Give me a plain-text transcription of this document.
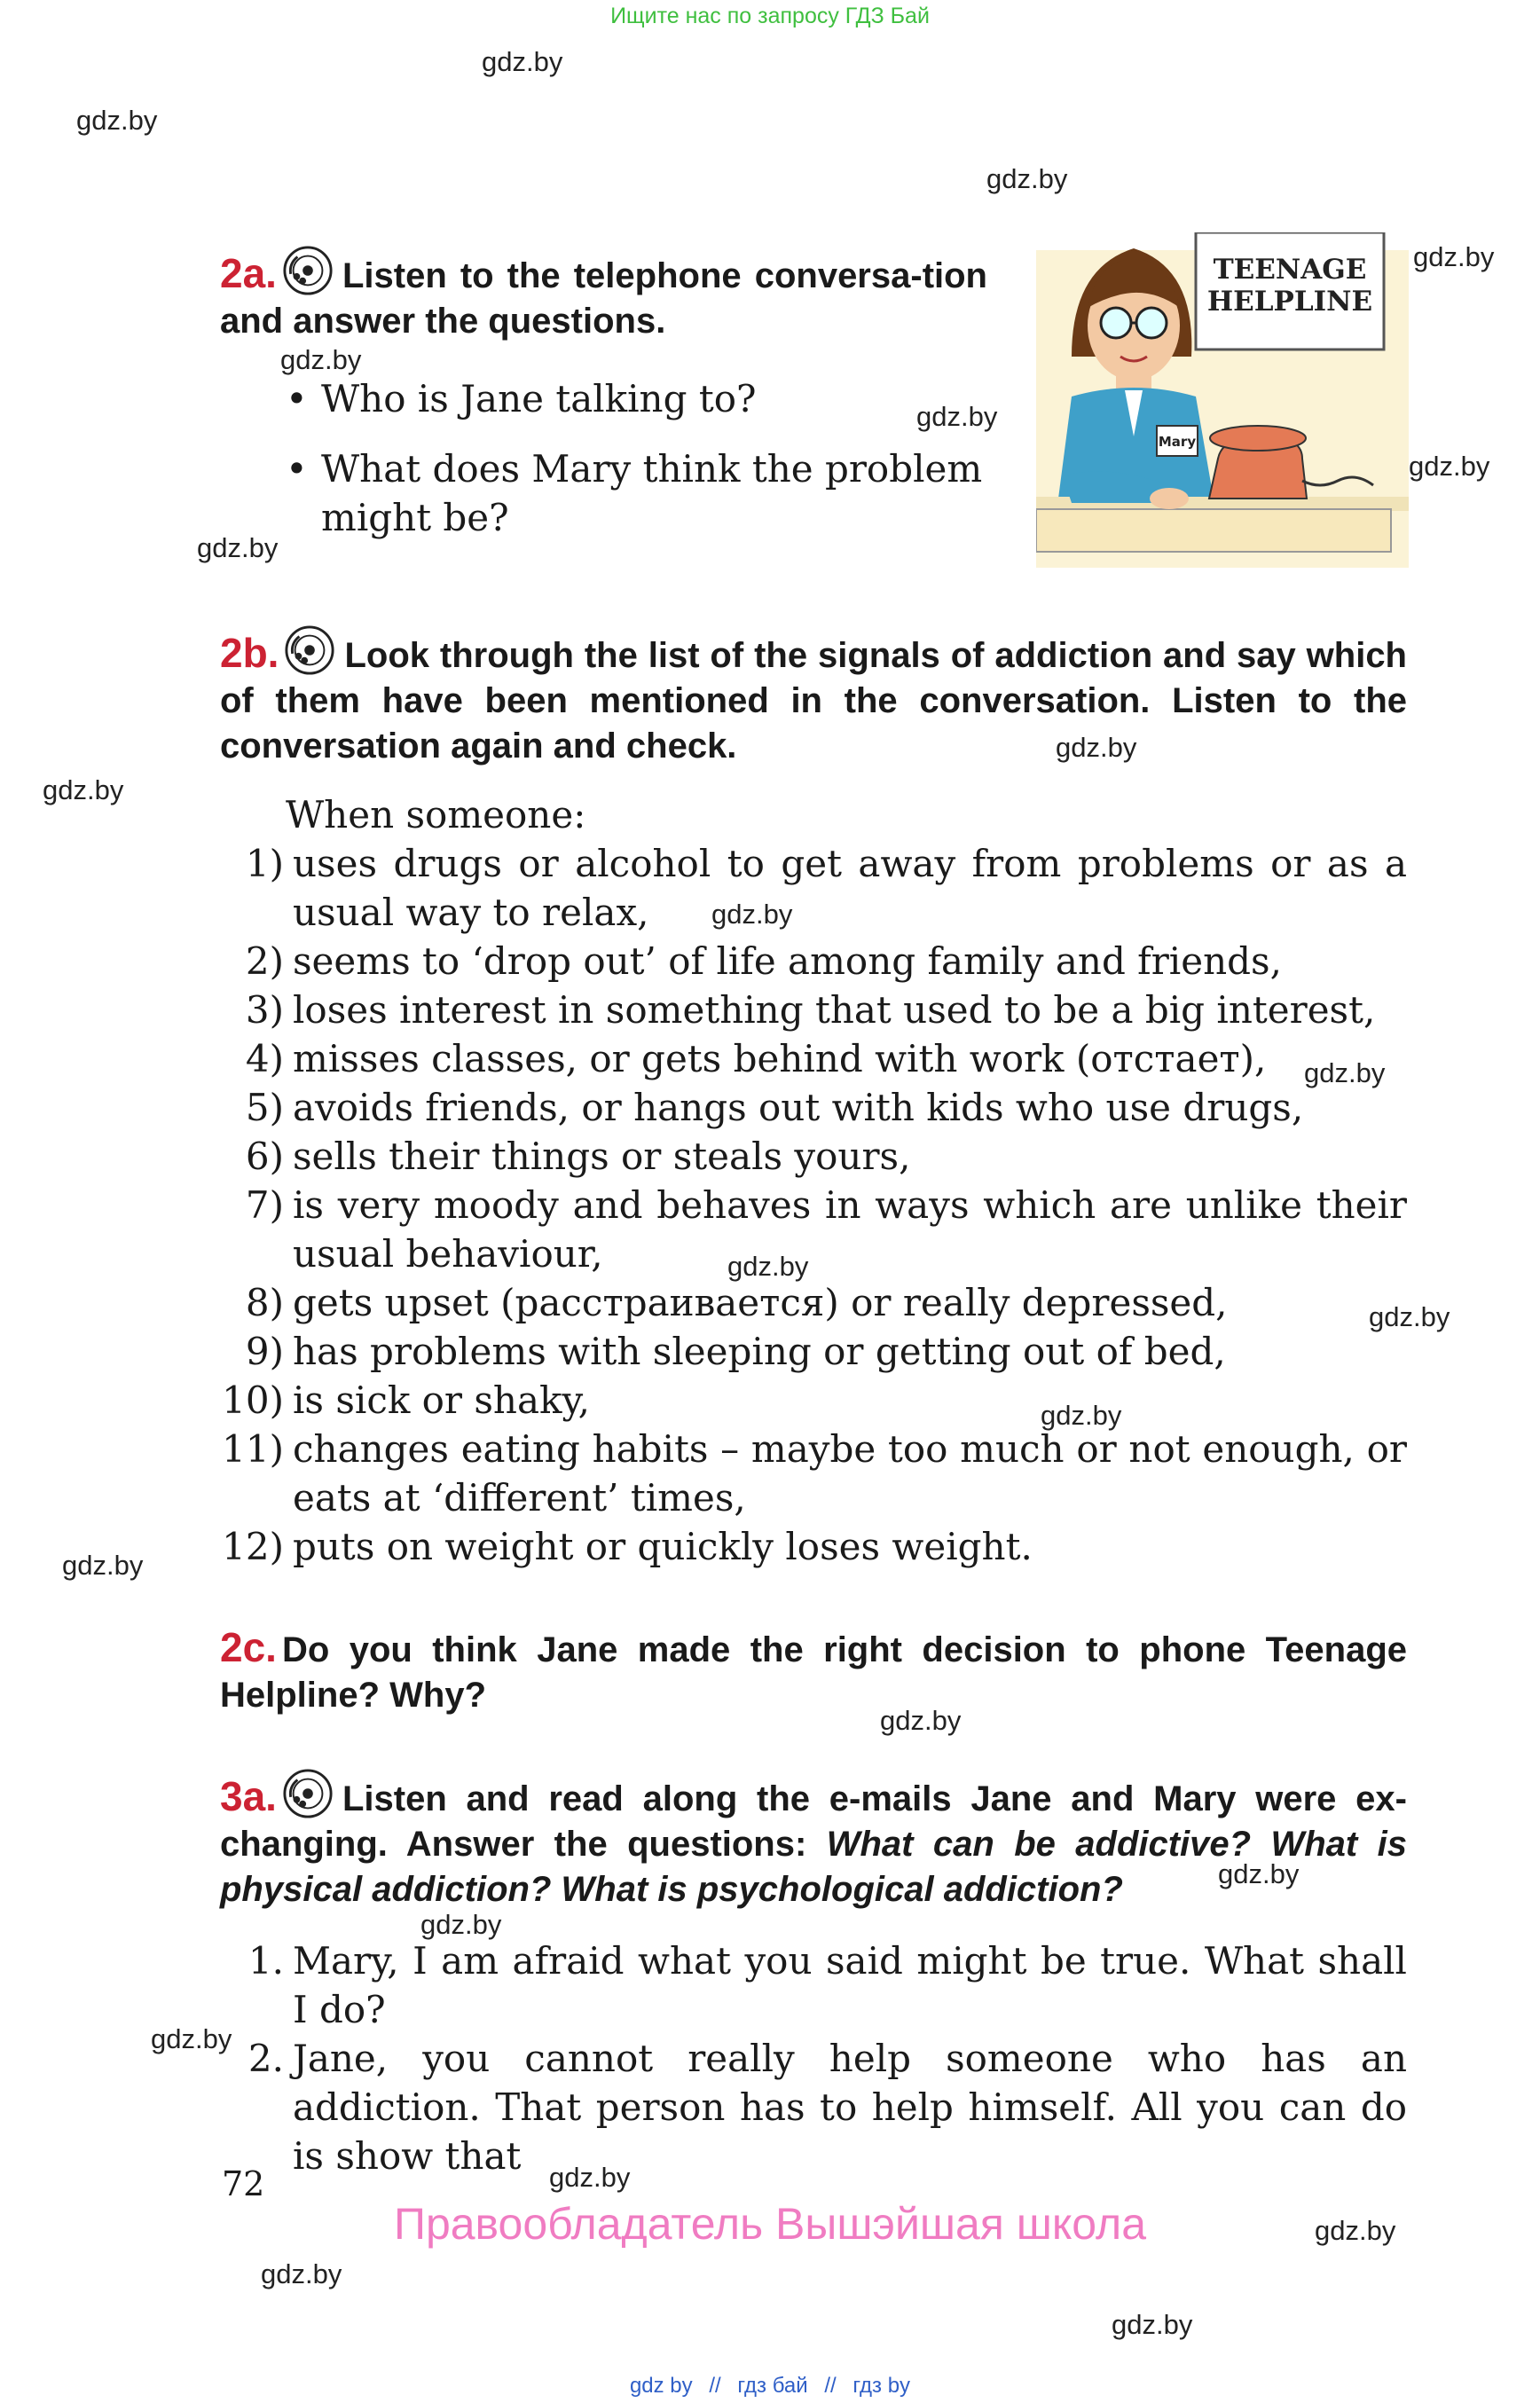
Ищите нас по запросу ГДЗ Бай
gdz.by
gdz.by
gdz.by
gdz.by
gdz.by
gdz.by
gdz.by
gdz.by
gdz.by
gdz.by
gdz.by
gdz.by
gdz.by
gdz.by
gdz.by
gdz.by
gdz.by
gdz.by
gdz.by
gdz.by
gdz.by
gdz.by
gdz.by
gdz.by
2a. Listen to the telephone conversa-tion and answer the questions.
• Who is Jane talking to?
• What does Mary think the problem might be?
TEENAGE
HELPLINE
Mary
2b. Look through the list of the signals of addiction and say which of them have been mentioned in the conversation. Listen to the conversation again and check.
When someone:
1) uses drugs or alcohol to get away from problems or as a usual way to relax,
2) seems to ‘drop out’ of life among family and friends,
3) loses interest in something that used to be a big interest,
4) misses classes, or gets behind with work (отстает),
5) avoids friends, or hangs out with kids who use drugs,
6) sells their things or steals yours,
7) is very moody and behaves in ways which are unlike their usual behaviour,
8) gets upset (расстраивается) or really depressed,
9) has problems with sleeping or getting out of bed,
10) is sick or shaky,
11) changes eating habits – maybe too much or not enough, or eats at ‘different’ times,
12) puts on weight or quickly loses weight.
2c. Do you think Jane made the right decision to phone Teenage Helpline? Why?
3a. Listen and read along the e-mails Jane and Mary were ex-changing. Answer the questions: What can be addictive? What is physical addiction? What is psychological addiction?
1. Mary, I am afraid what you said might be true. What shall I do?
2. Jane, you cannot really help someone who has an addiction. That person has to help himself. All you can do is show that
72
Правообладатель Вышэйшая школа
gdz by // гдз бай // гдз by
